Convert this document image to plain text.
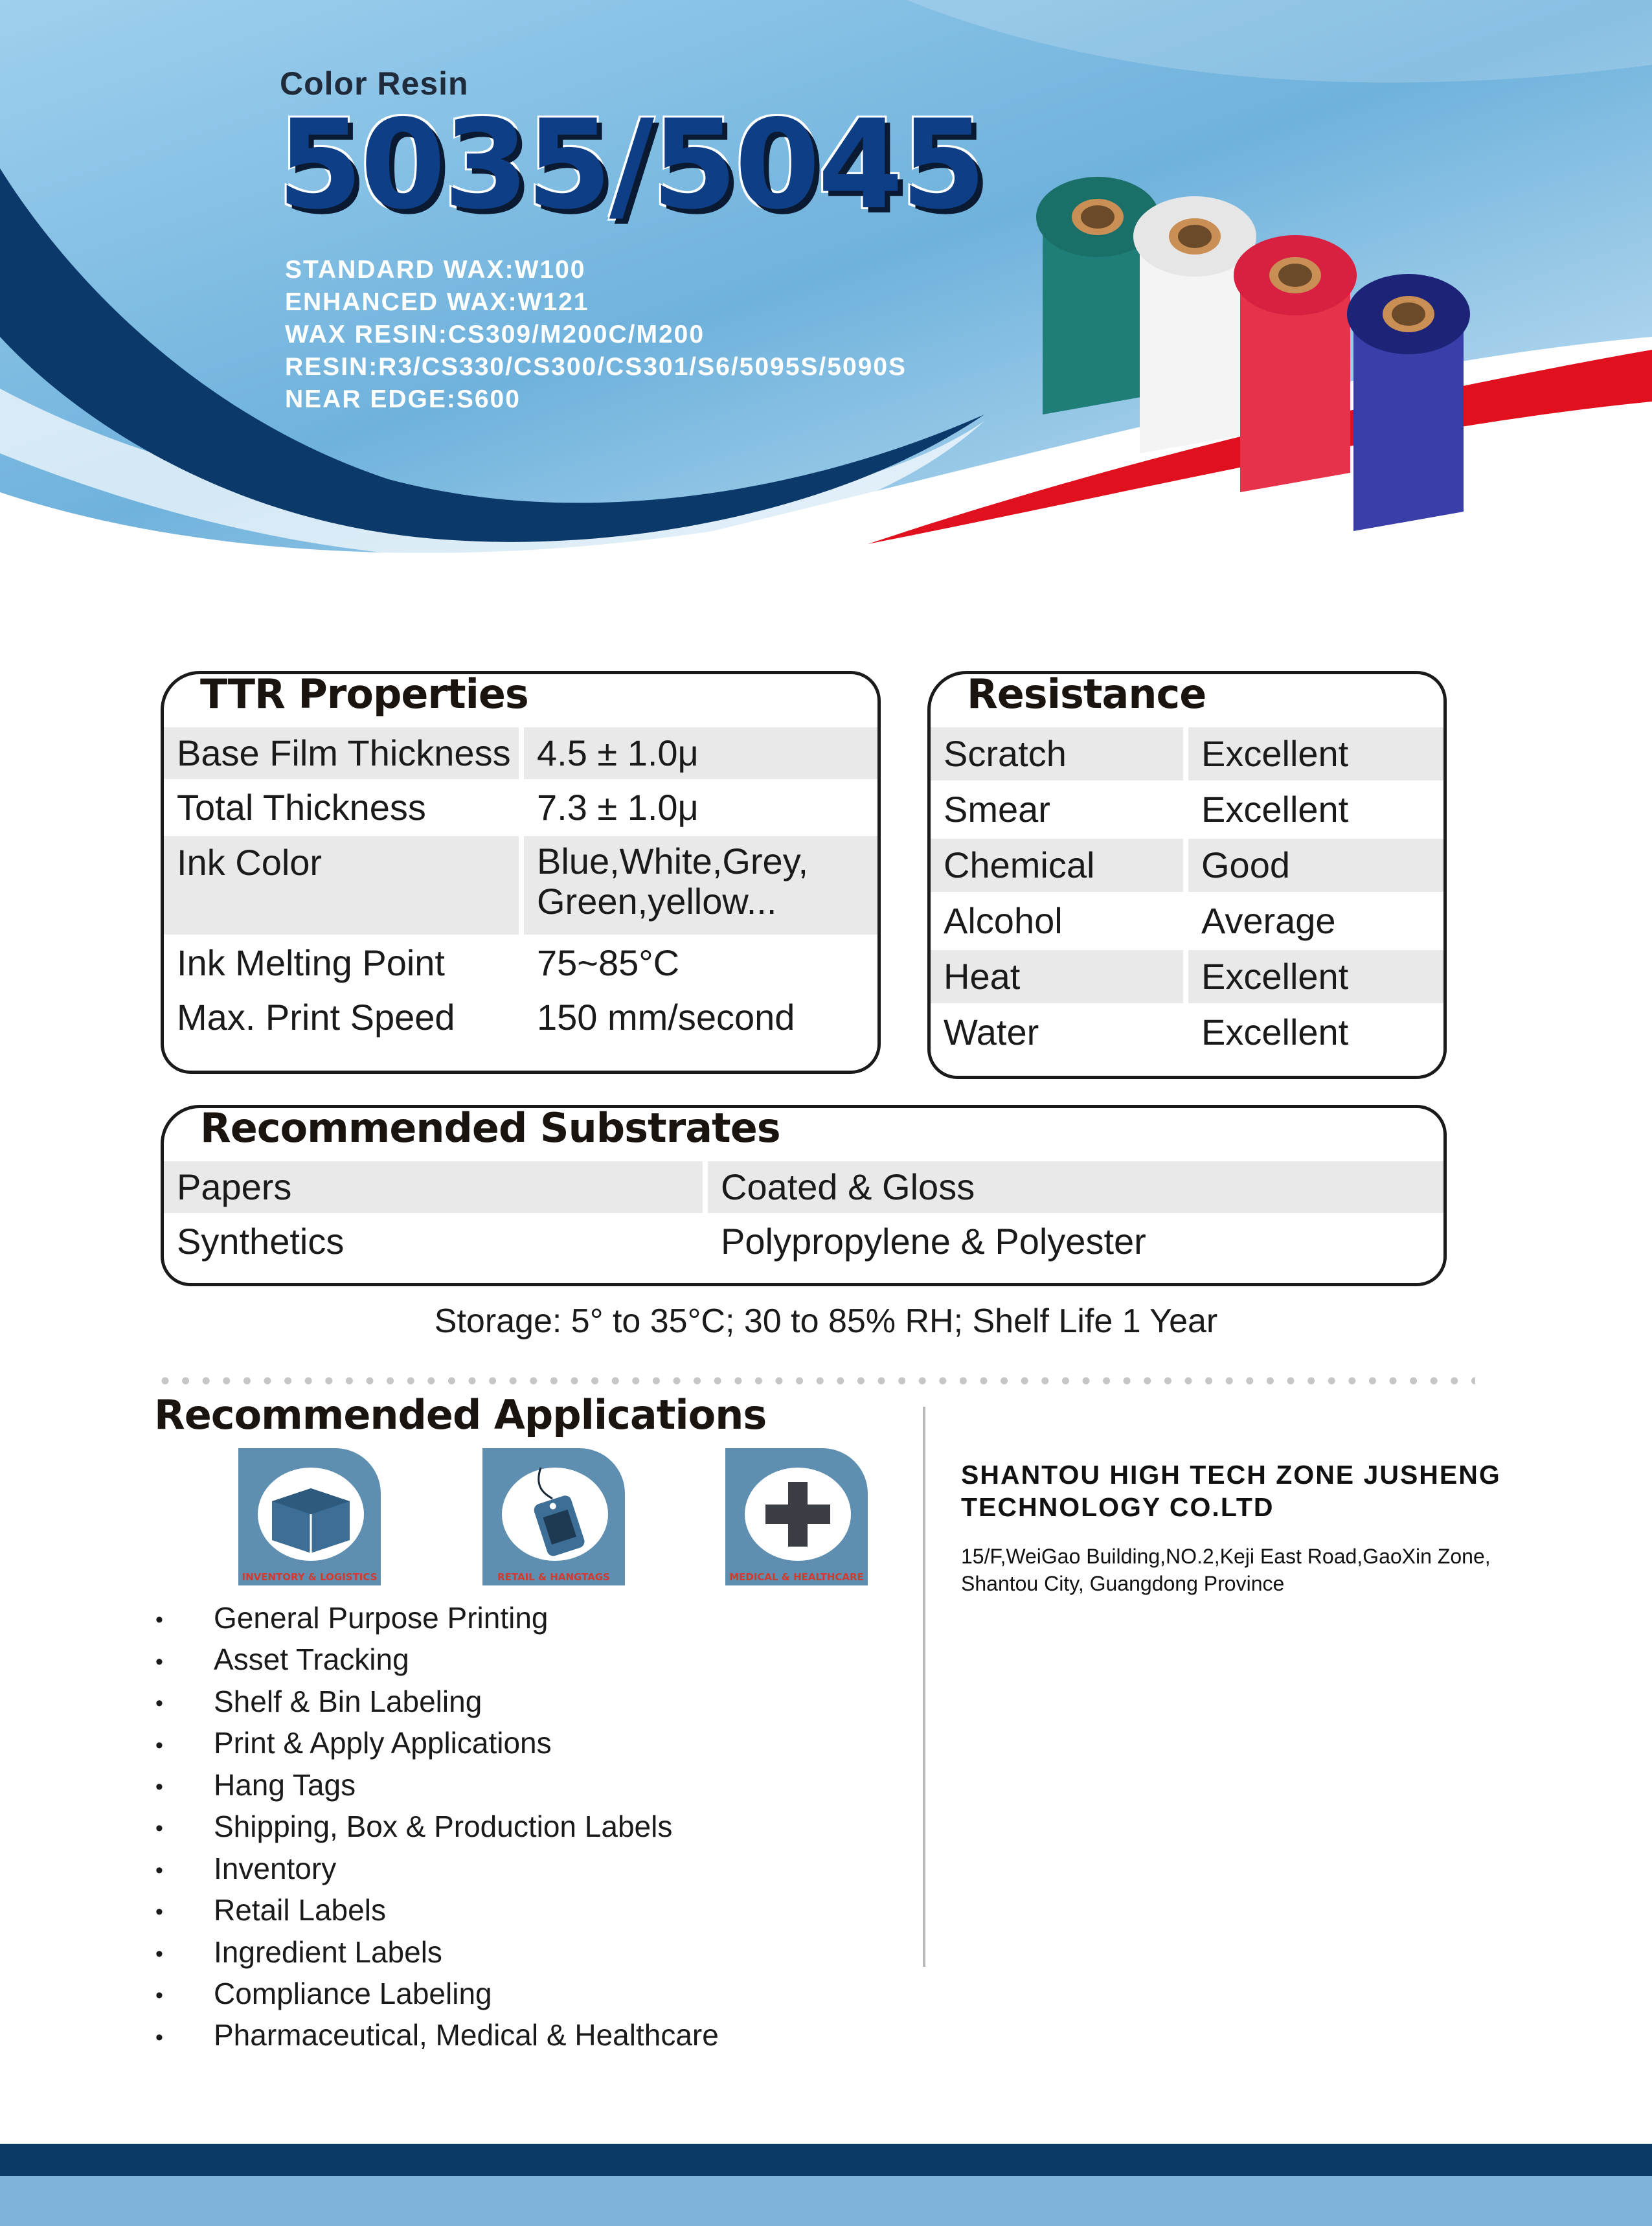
Color Resin
5035/5045
STANDARD WAX:W100
ENHANCED WAX:W121
WAX RESIN:CS309/M200C/M200
RESIN:R3/CS330/CS300/CS301/S6/5095S/5090S
NEAR EDGE:S600
TTR Properties
Base Film Thickness 4.5 ± 1.0μ
Total Thickness	7.3 ± 1.0μ
Ink Color	Blue,White,Grey,
Green,yellow...
Ink Melting Point	75~85°C
Max. Print Speed	150 mm/second
Resistance
Scratch	Excellent
Smear	Excellent
Chemical	Good
Alcohol	Average
Heat	Excellent
Water	Excellent
Recommended Substrates
Papers	Coated & Gloss
Synthetics	Polypropylene & Polyester
Storage: 5° to 35°C; 30 to 85% RH; Shelf Life 1 Year
Recommended Applications
INVENTORY & LOGISTICS	RETAIL & HANGTAGS	MEDICAL & HEALTHCARE
• General Purpose Printing
• Asset Tracking
• Shelf & Bin Labeling
• Print & Apply Applications
• Hang Tags
• Shipping, Box & Production Labels
• Inventory
• Retail Labels
• Ingredient Labels
• Compliance Labeling
• Pharmaceutical, Medical & Healthcare
SHANTOU HIGH TECH ZONE JUSHENG
TECHNOLOGY CO.LTD
15/F,WeiGao Building,NO.2,Keji East Road,GaoXin Zone,
Shantou City, Guangdong Province
